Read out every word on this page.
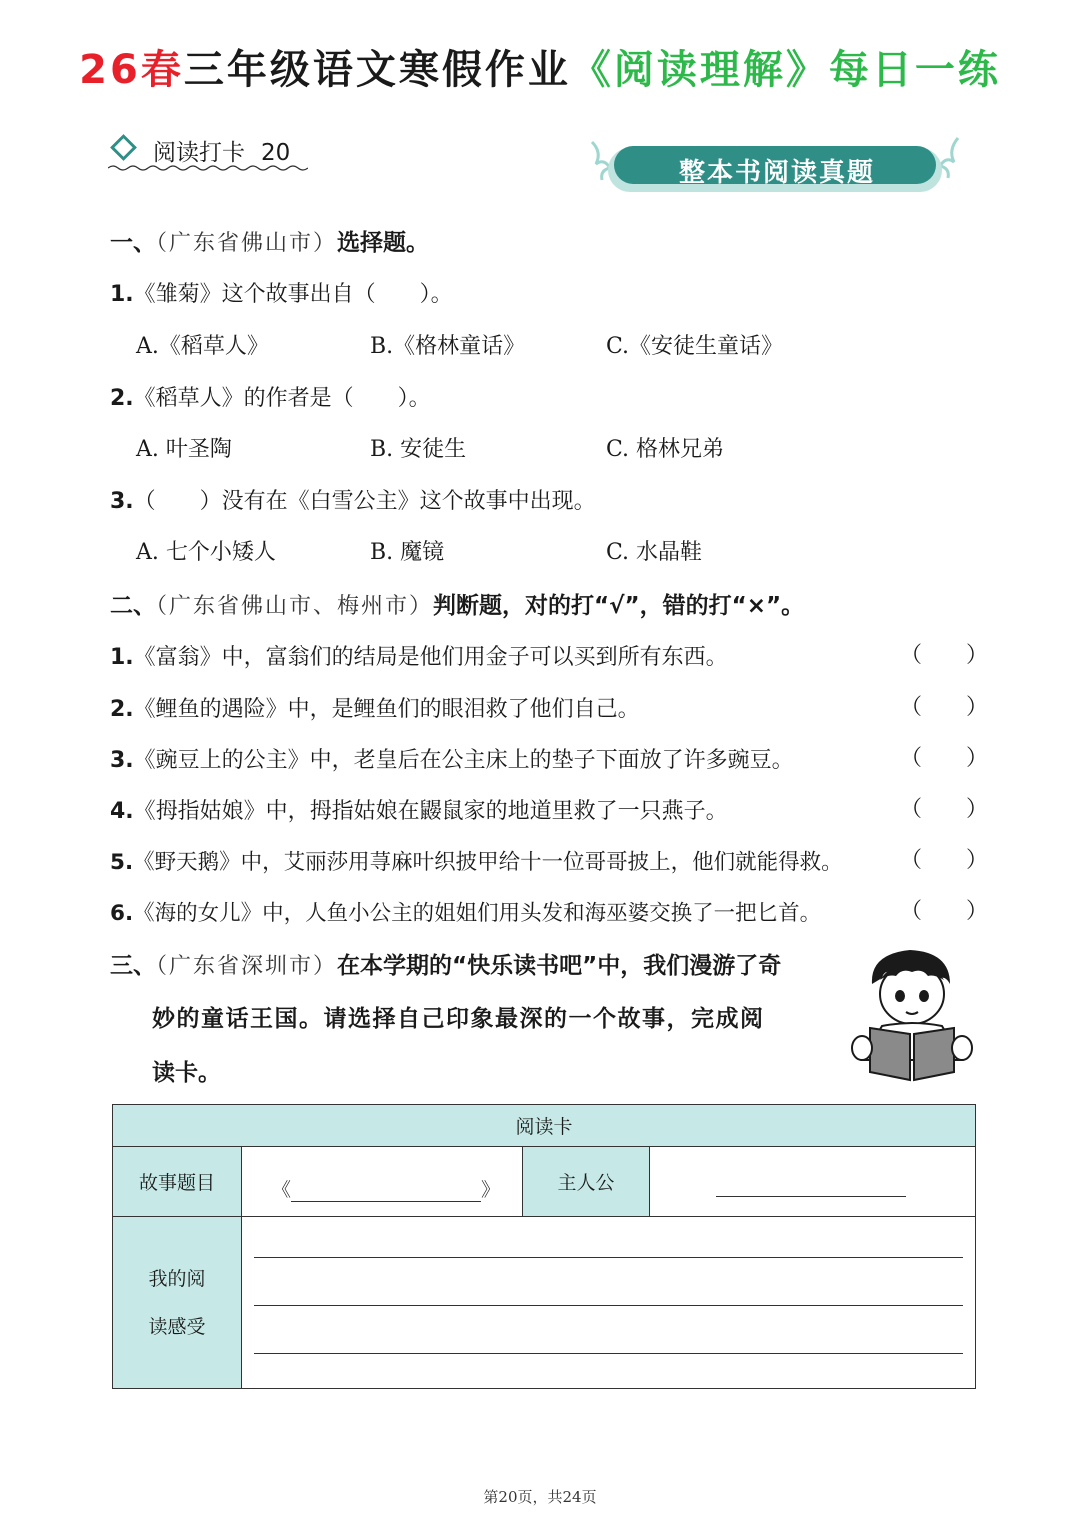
26春三年级语文寒假作业《阅读理解》每日一练
阅读打卡 20
整本书阅读真题
一、（广东省佛山市）选择题。
1.《雏菊》这个故事出自（　　）。
A.《稻草人》	B.《格林童话》	C.《安徒生童话》
2.《稻草人》的作者是（　　）。
A. 叶圣陶	B. 安徒生	C. 格林兄弟
3.（　　）没有在《白雪公主》这个故事中出现。
A. 七个小矮人	B. 魔镜	C. 水晶鞋
二、（广东省佛山市、梅州市）判断题，对的打“√”，错的打“×”。
1.《富翁》中，富翁们的结局是他们用金子可以买到所有东西。	（　　）
2.《鲤鱼的遇险》中，是鲤鱼们的眼泪救了他们自己。	（　　）
3.《豌豆上的公主》中，老皇后在公主床上的垫子下面放了许多豌豆。	（　　）
4.《拇指姑娘》中，拇指姑娘在鼹鼠家的地道里救了一只燕子。	（　　）
5.《野天鹅》中，艾丽莎用荨麻叶织披甲给十一位哥哥披上，他们就能得救。	（　　）
6.《海的女儿》中，人鱼小公主的姐姐们用头发和海巫婆交换了一把匕首。	（　　）
三、（广东省深圳市）在本学期的“快乐读书吧”中，我们漫游了奇
妙的童话王国。请选择自己印象最深的一个故事，完成阅
读卡。
阅读卡			
故事题目	《 》	主人公	

我的阅
读感受			
第20页，共24页
